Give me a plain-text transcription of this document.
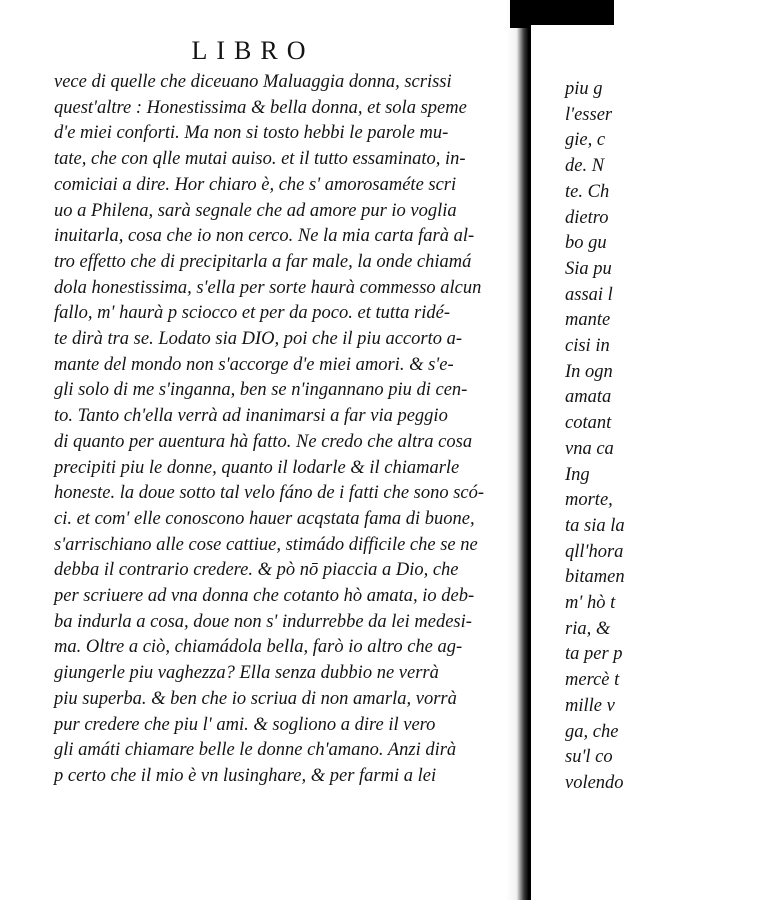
LIBRO
vece di quelle che diceuano Maluaggia donna, scrissi
quest'altre : Honestissima & bella donna, et sola speme
d'e miei conforti. Ma non si tosto hebbi le parole mu-
tate, che con qlle mutai auiso. et il tutto essaminato, in-
comiciai a dire. Hor chiaro è, che s' amorosaméte scri
uo a Philena, sarà segnale che ad amore pur io voglia
inuitarla, cosa che io non cerco. Ne la mia carta farà al-
tro effetto che di precipitarla a far male, la onde chiamá
dola honestissima, s'ella per sorte haurà commesso alcun
fallo, m' haurà p sciocco et per da poco. et tutta ridé-
te dirà tra se. Lodato sia DIO, poi che il piu accorto a-
mante del mondo non s'accorge d'e miei amori. & s'e-
gli solo di me s'inganna, ben se n'ingannano piu di cen-
to. Tanto ch'ella verrà ad inanimarsi a far via peggio
di quanto per auentura hà fatto. Ne credo che altra cosa
precipiti piu le donne, quanto il lodarle & il chiamarle
honeste. la doue sotto tal velo fáno de i fatti che sono scó-
ci. et com' elle conoscono hauer acqstata fama di buone,
s'arrischiano alle cose cattiue, stimádo difficile che se ne
debba il contrario credere. & pò nō piaccia a Dio, che
per scriuere ad vna donna che cotanto hò amata, io deb-
ba indurla a cosa, doue non s' indurrebbe da lei medesi-
ma. Oltre a ciò, chiamádola bella, farò io altro che ag-
giungerle piu vaghezza? Ella senza dubbio ne verrà
piu superba. & ben che io scriua di non amarla, vorrà
pur credere che piu l' ami. & sogliono a dire il vero
gli amáti chiamare belle le donne ch'amano. Anzi dirà
p certo che il mio è vn lusinghare, & per farmi a lei
piu g
l'esser
gie, c
de. N
te. Ch
dietro
bo gu
Sia pu
assai l
mante
cisi in
In ogn
amata
cotant
vna ca
Ing
morte,
ta sia la
qll'hora
bitamen
m' hò t
ria, &
ta per p
mercè t
mille v
ga, che
su'l co
volendo
